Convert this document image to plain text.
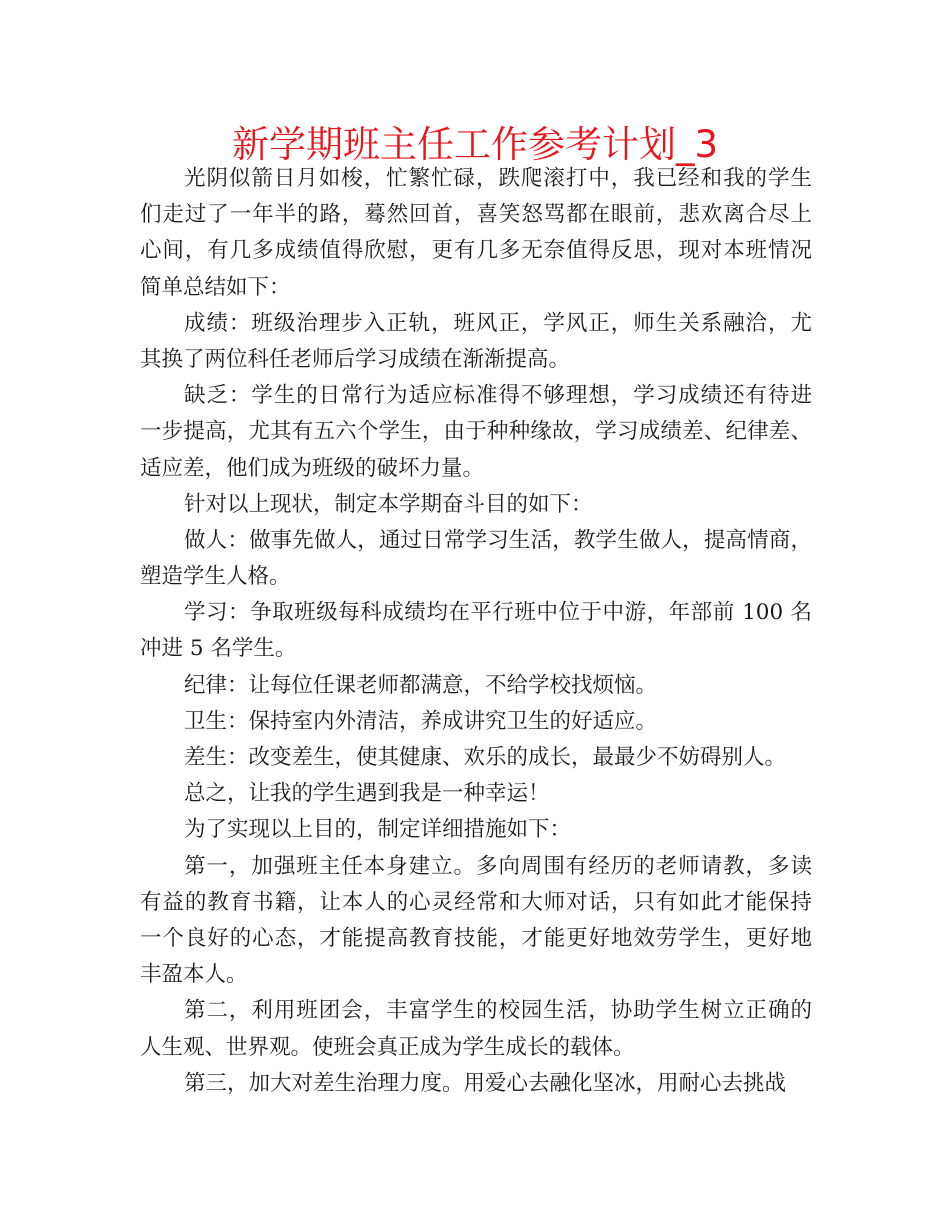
新学期班主任工作参考计划_3
光阴似箭日月如梭，忙繁忙碌，跌爬滚打中，我已经和我的学生
们走过了一年半的路，蓦然回首，喜笑怒骂都在眼前，悲欢离合尽上
心间，有几多成绩值得欣慰，更有几多无奈值得反思，现对本班情况
简单总结如下：
成绩：班级治理步入正轨，班风正，学风正，师生关系融洽，尤
其换了两位科任老师后学习成绩在渐渐提高。
缺乏：学生的日常行为适应标准得不够理想，学习成绩还有待进
一步提高，尤其有五六个学生，由于种种缘故，学习成绩差、纪律差、
适应差，他们成为班级的破坏力量。
针对以上现状，制定本学期奋斗目的如下：
做人：做事先做人，通过日常学习生活，教学生做人，提高情商，
塑造学生人格。
学习：争取班级每科成绩均在平行班中位于中游，年部前 100 名
冲进 5 名学生。
纪律：让每位任课老师都满意，不给学校找烦恼。
卫生：保持室内外清洁，养成讲究卫生的好适应。
差生：改变差生，使其健康、欢乐的成长，最最少不妨碍别人。
总之，让我的学生遇到我是一种幸运！
为了实现以上目的，制定详细措施如下：
第一，加强班主任本身建立。多向周围有经历的老师请教，多读
有益的教育书籍，让本人的心灵经常和大师对话，只有如此才能保持
一个良好的心态，才能提高教育技能，才能更好地效劳学生，更好地
丰盈本人。
第二，利用班团会，丰富学生的校园生活，协助学生树立正确的
人生观、世界观。使班会真正成为学生成长的载体。
第三，加大对差生治理力度。用爱心去融化坚冰，用耐心去挑战
